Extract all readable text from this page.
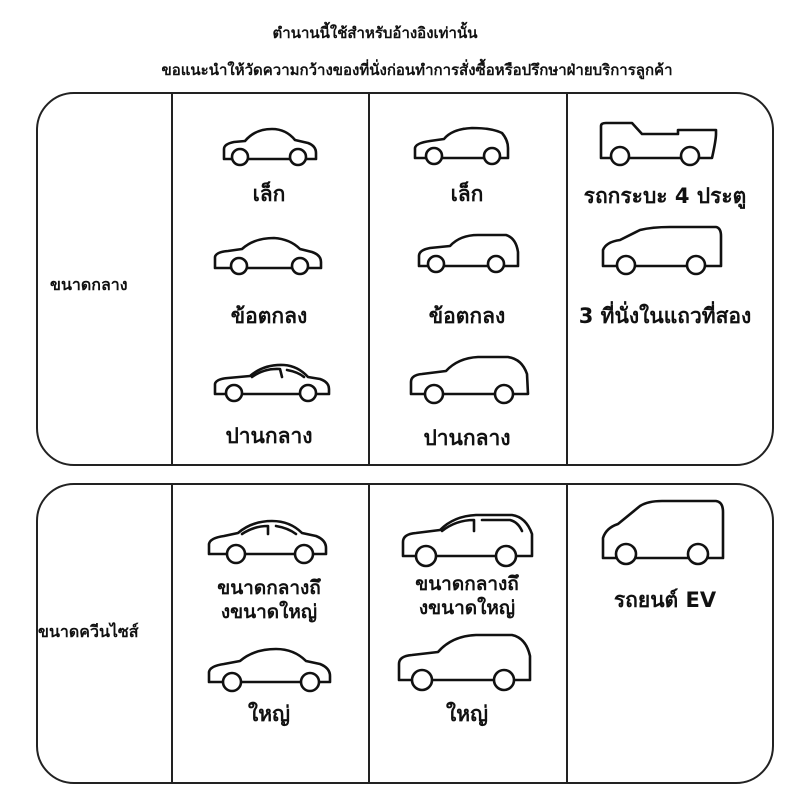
ตำนานนี้ใช้สำหรับอ้างอิงเท่านั้น
ขอแนะนำให้วัดความกว้างของที่นั่งก่อนทำการสั่งซื้อหรือปรึกษาฝ่ายบริการลูกค้า
ขนาดกลาง
ขนาดควีนไซส์
เล็ก
ข้อตกลง
ปานกลาง
เล็ก
ข้อตกลง
ปานกลาง
รถกระบะ 4 ประตู
3 ที่นั่งในแถวที่สอง
ขนาดกลางถึ
งขนาดใหญ่
ใหญ่
ขนาดกลางถึ
งขนาดใหญ่
ใหญ่
รถยนต์ EV
